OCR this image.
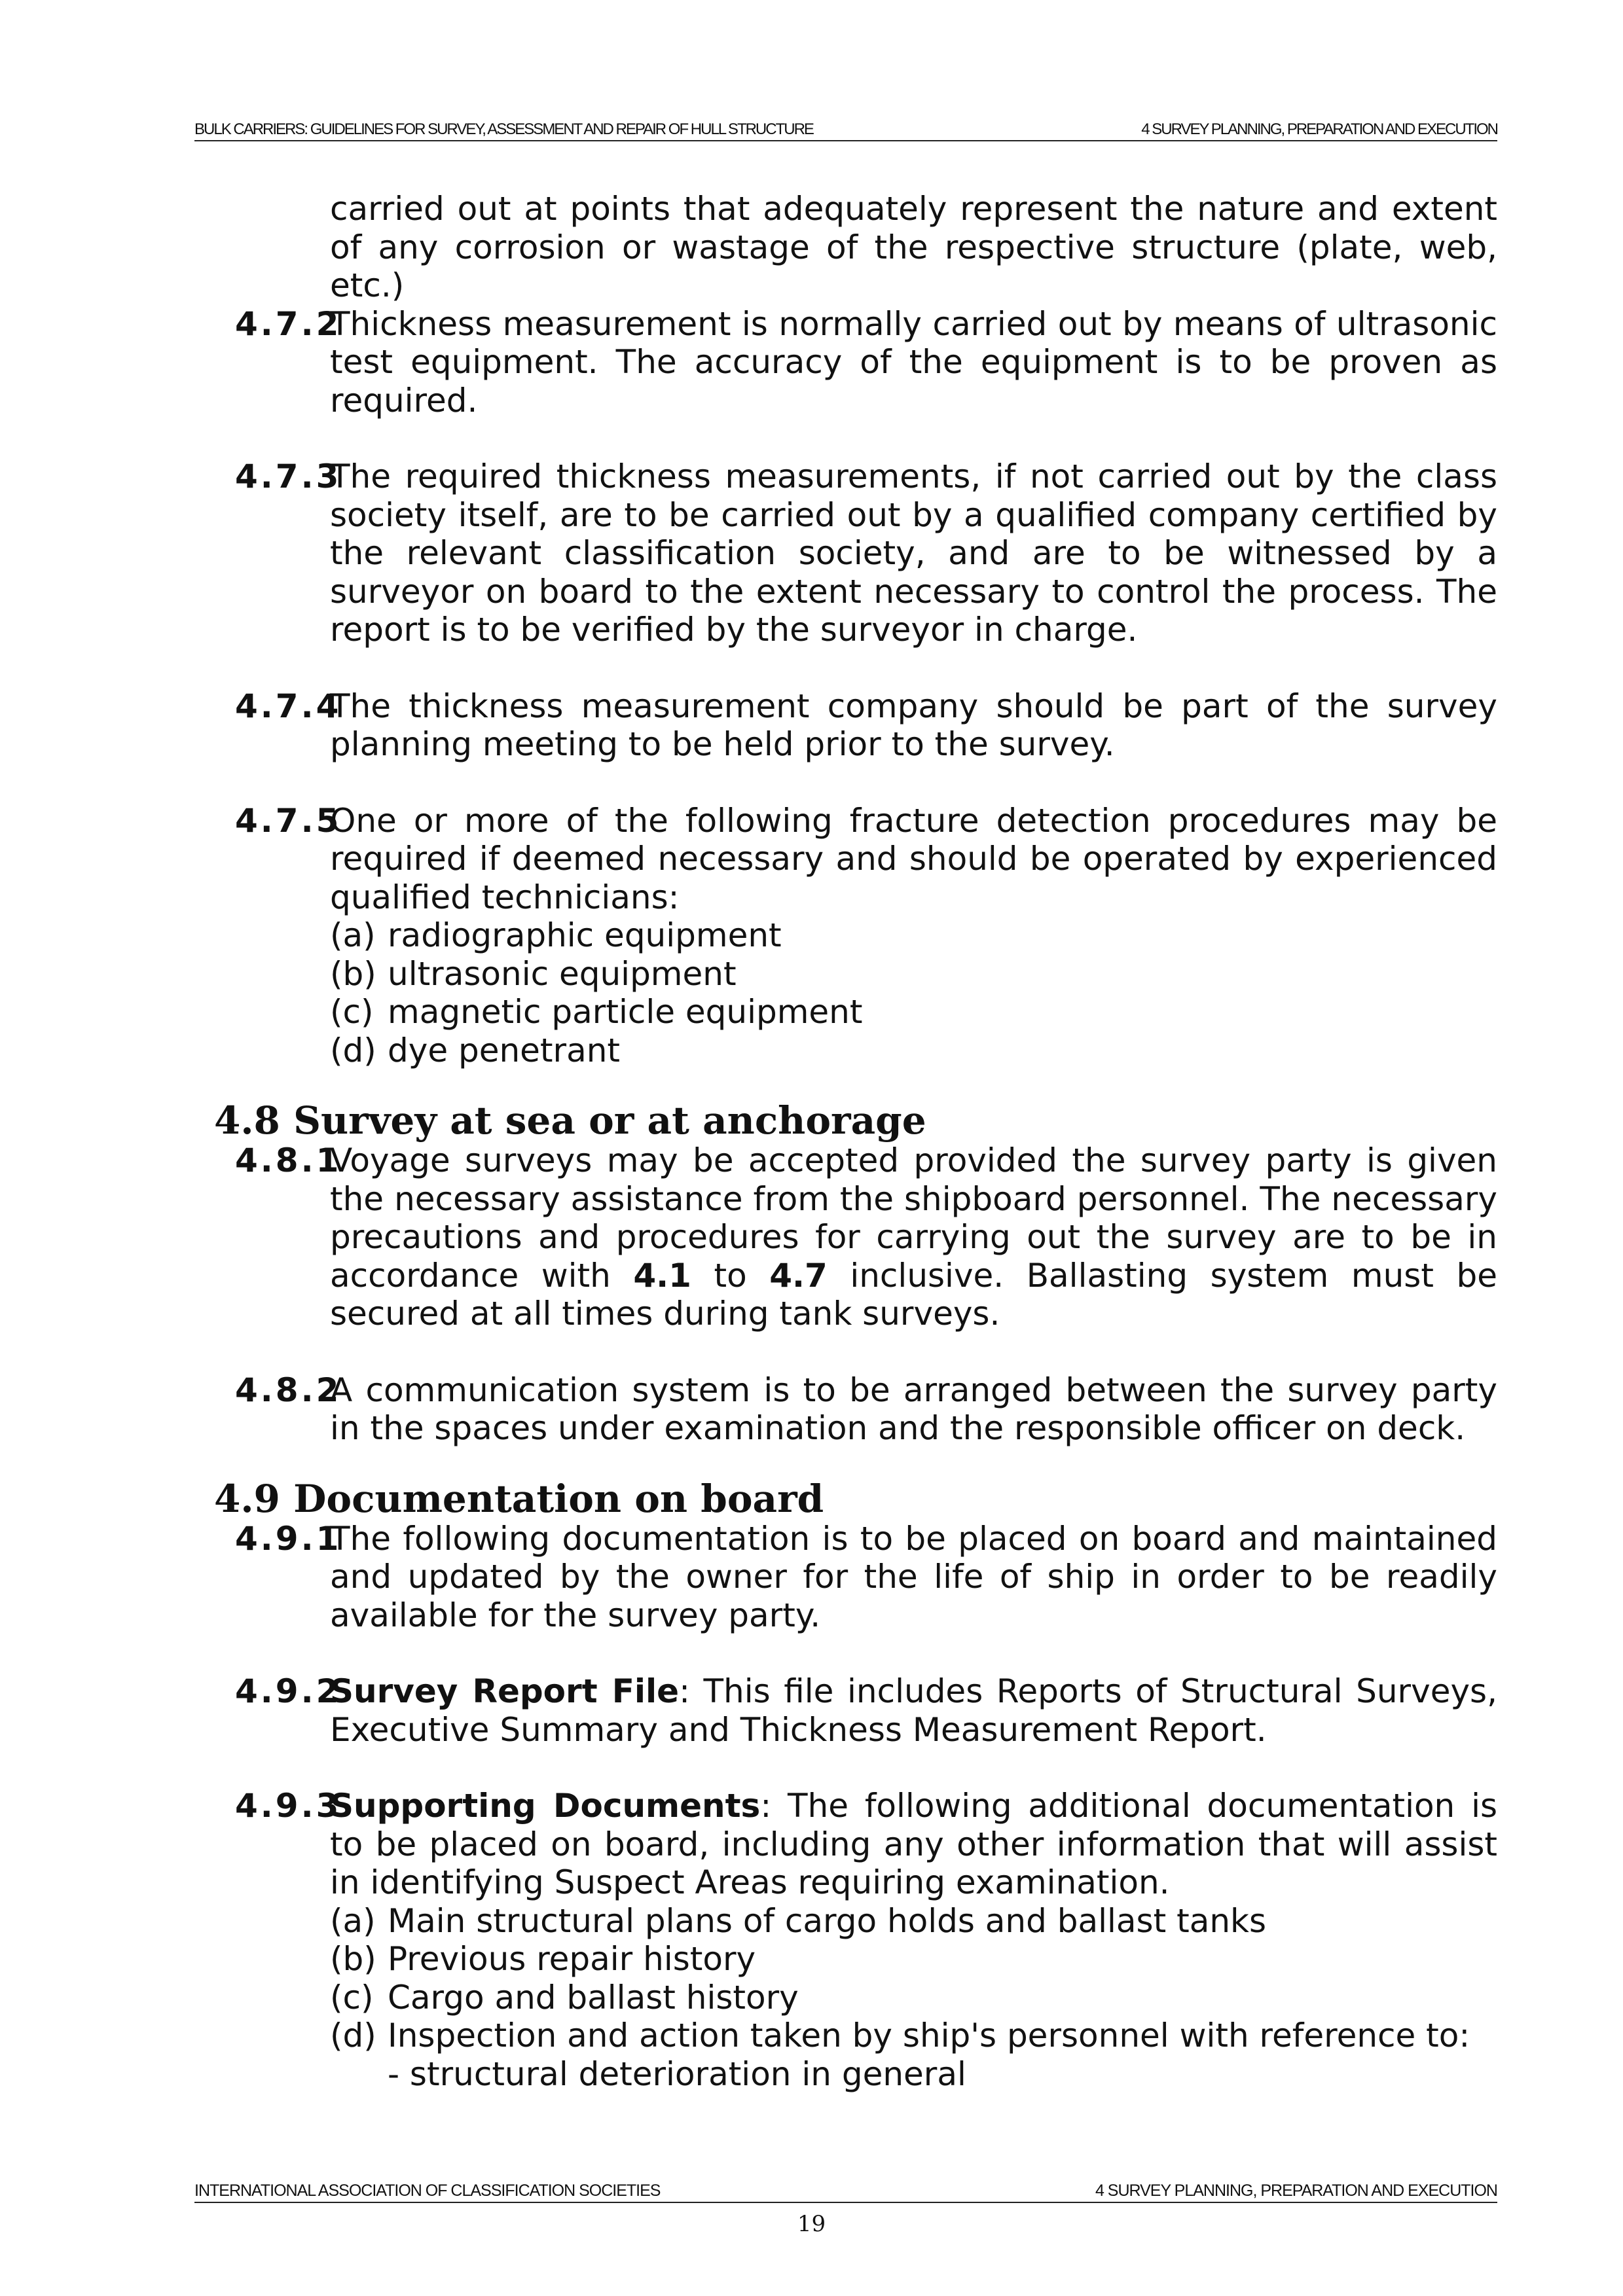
BULK CARRIERS: GUIDELINES FOR SURVEY, ASSESSMENT AND REPAIR OF HULL STRUCTURE	4 SURVEY PLANNING, PREPARATION AND EXECUTION
carried out at points that adequately represent the nature and extent of any corrosion or wastage of the respective structure (plate, web, etc.)
4.7.2
Thickness measurement is normally carried out by means of ultrasonic test equipment. The accuracy of the equipment is to be proven as required.
4.7.3
The required thickness measurements, if not carried out by the class society itself, are to be carried out by a qualified company certified by the relevant classification society, and are to be witnessed by a surveyor on board to the extent necessary to control the process. The report is to be verified by the surveyor in charge.
4.7.4
The thickness measurement company should be part of the survey planning meeting to be held prior to the survey.
4.7.5
One or more of the following fracture detection procedures may be required if deemed necessary and should be operated by experienced qualified technicians:
(a) radiographic equipment
(b) ultrasonic equipment
(c) magnetic particle equipment
(d) dye penetrant
4.8 Survey at sea or at anchorage
4.8.1
Voyage surveys may be accepted provided the survey party is given the necessary assistance from the shipboard personnel. The necessary precautions and procedures for carrying out the survey are to be in accordance with 4.1 to 4.7 inclusive. Ballasting system must be secured at all times during tank surveys.
4.8.2
A communication system is to be arranged between the survey party in the spaces under examination and the responsible officer on deck.
4.9 Documentation on board
4.9.1
The following documentation is to be placed on board and maintained and updated by the owner for the life of ship in order to be readily available for the survey party.
4.9.2
Survey Report File: This file includes Reports of Structural Surveys, Executive Summary and Thickness Measurement Report.
4.9.3
Supporting Documents: The following additional documentation is to be placed on board, including any other information that will assist in identifying Suspect Areas requiring examination.
(a) Main structural plans of cargo holds and ballast tanks
(b) Previous repair history
(c) Cargo and ballast history
(d) Inspection and action taken by ship's personnel with reference to:
- structural deterioration in general
INTERNATIONAL ASSOCIATION OF CLASSIFICATION SOCIETIES	4 SURVEY PLANNING, PREPARATION AND EXECUTION
19
